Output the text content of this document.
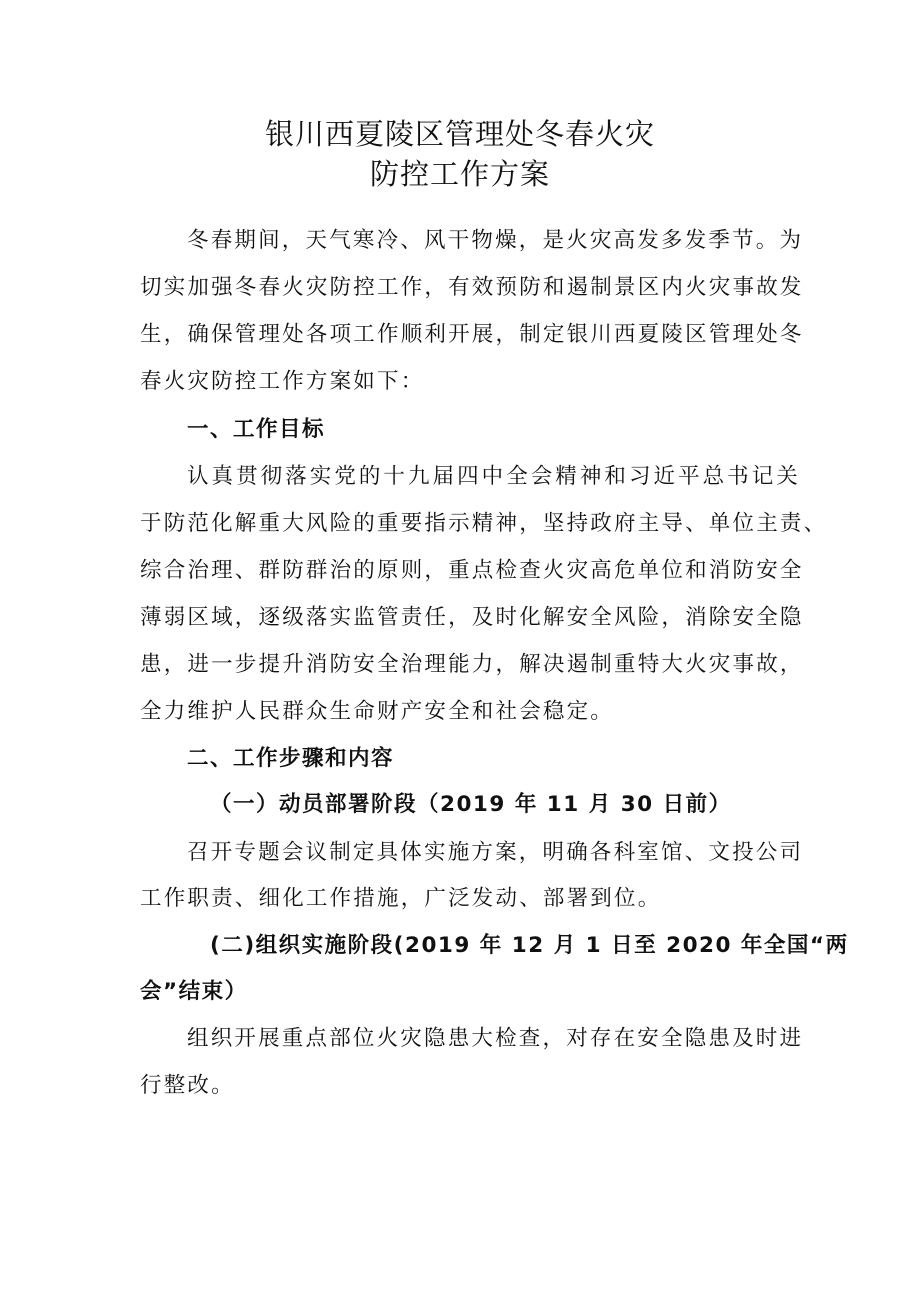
银川西夏陵区管理处冬春火灾
防控工作方案
冬春期间，天气寒冷、风干物燥，是火灾高发多发季节。为
切实加强冬春火灾防控工作，有效预防和遏制景区内火灾事故发
生，确保管理处各项工作顺利开展，制定银川西夏陵区管理处冬
春火灾防控工作方案如下：
一、工作目标
认真贯彻落实党的十九届四中全会精神和习近平总书记关
于防范化解重大风险的重要指示精神，坚持政府主导、单位主责、
综合治理、群防群治的原则，重点检查火灾高危单位和消防安全
薄弱区域，逐级落实监管责任，及时化解安全风险，消除安全隐
患，进一步提升消防安全治理能力，解决遏制重特大火灾事故，
全力维护人民群众生命财产安全和社会稳定。
二、工作步骤和内容
（一）动员部署阶段（2019 年 11 月 30 日前）
召开专题会议制定具体实施方案，明确各科室馆、文投公司
工作职责、细化工作措施，广泛发动、部署到位。
(二)组织实施阶段(2019 年 12 月 1 日至 2020 年全国“两
会”结束）
组织开展重点部位火灾隐患大检查，对存在安全隐患及时进
行整改。
